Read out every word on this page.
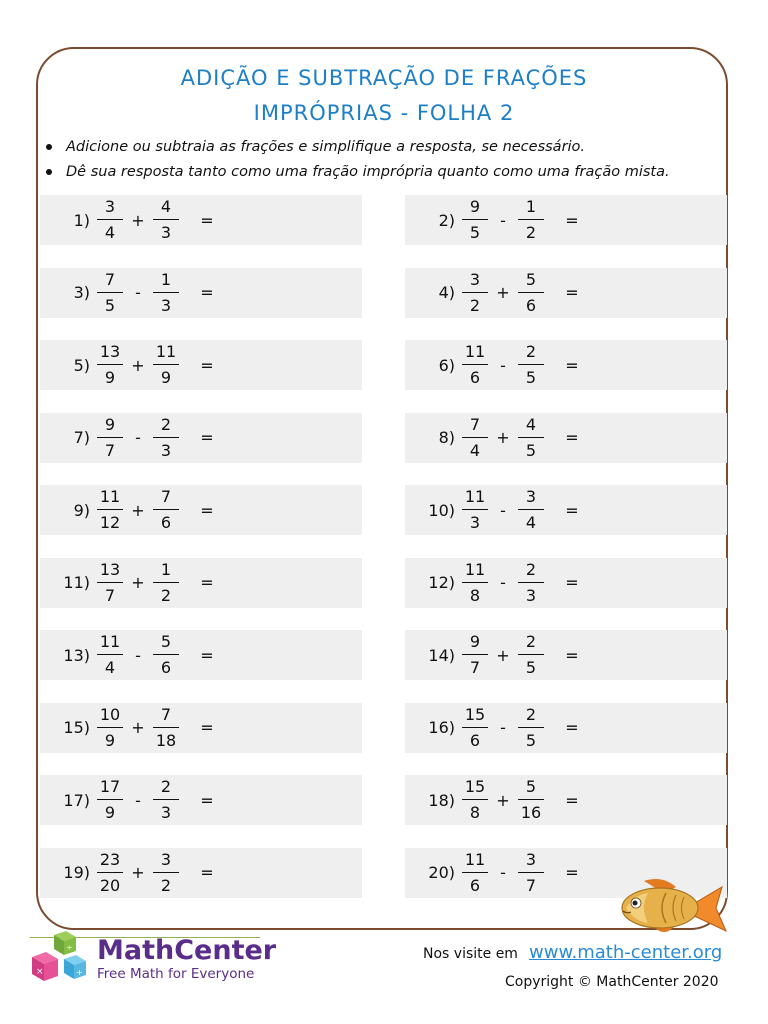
ADIÇÃO E SUBTRAÇÃO DE FRAÇÕES
IMPRÓPRIAS - FOLHA 2
Adicione ou subtraia as frações e simplifique a resposta, se necessário.
Dê sua resposta tanto como uma fração imprópria quanto como uma fração mista.
$1) \frac{3}{4} + \frac{4}{3}$	=	$2) \frac{9}{5} - \frac{1}{2}$	=
$3) \frac{7}{5} - \frac{1}{3}$	=	$4) \frac{3}{2} + \frac{5}{6}$	=
$5) \frac{13}{9} + \frac{11}{9}$	=	$6) \frac{11}{6} - \frac{2}{5}$	=
$7) \frac{9}{7} - \frac{2}{3}$	=	$8) \frac{7}{4} + \frac{4}{5}$	=
$9) \frac{11}{12} + \frac{7}{6}$	=	$10) \frac{11}{3} - \frac{3}{4}$	=
$11) \frac{13}{7} + \frac{1}{2}$	=	$12) \frac{11}{8} - \frac{2}{3}$	=
$13) \frac{11}{4} - \frac{5}{6}$	=	$14) \frac{9}{7} + \frac{2}{5}$	=
$15) \frac{10}{9} + \frac{7}{18}$	=	$16) \frac{15}{6} - \frac{2}{5}$	=
$17) \frac{17}{9} - \frac{2}{3}$	=	$18) \frac{15}{8} + \frac{5}{16}$	=
$19) \frac{23}{20} + \frac{3}{2}$	=	$20) \frac{11}{6} - \frac{3}{7}$	=
÷
×	+
MathCenter
Free Math for Everyone
Nos visite em www.math-center.org
Copyright © MathCenter 2020
